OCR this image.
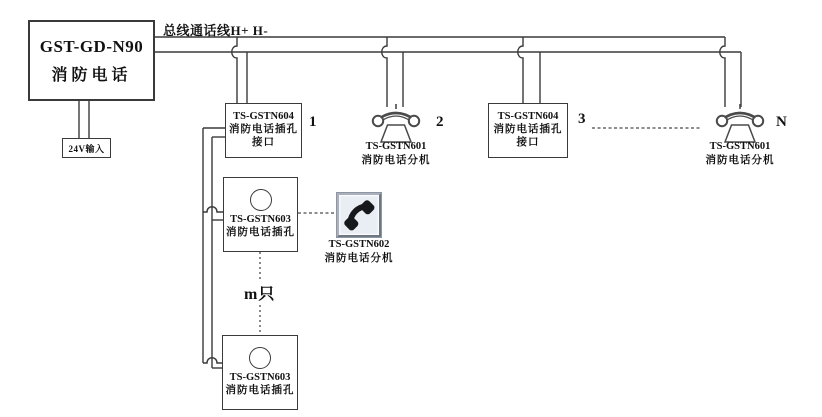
GST-GD-N90
消防电话
总线通话线H+ H-
24V输入
TS-GSTN604
消防电话插孔
接口
1
TS-GSTN601
消防电话分机
2	TS-GSTN604
消防电话插孔
接口
3
TS-GSTN601
消防电话分机
N
TS-GSTN603
消防电话插孔
TS-GSTN602
消防电话分机
m只
TS-GSTN603
消防电话插孔
